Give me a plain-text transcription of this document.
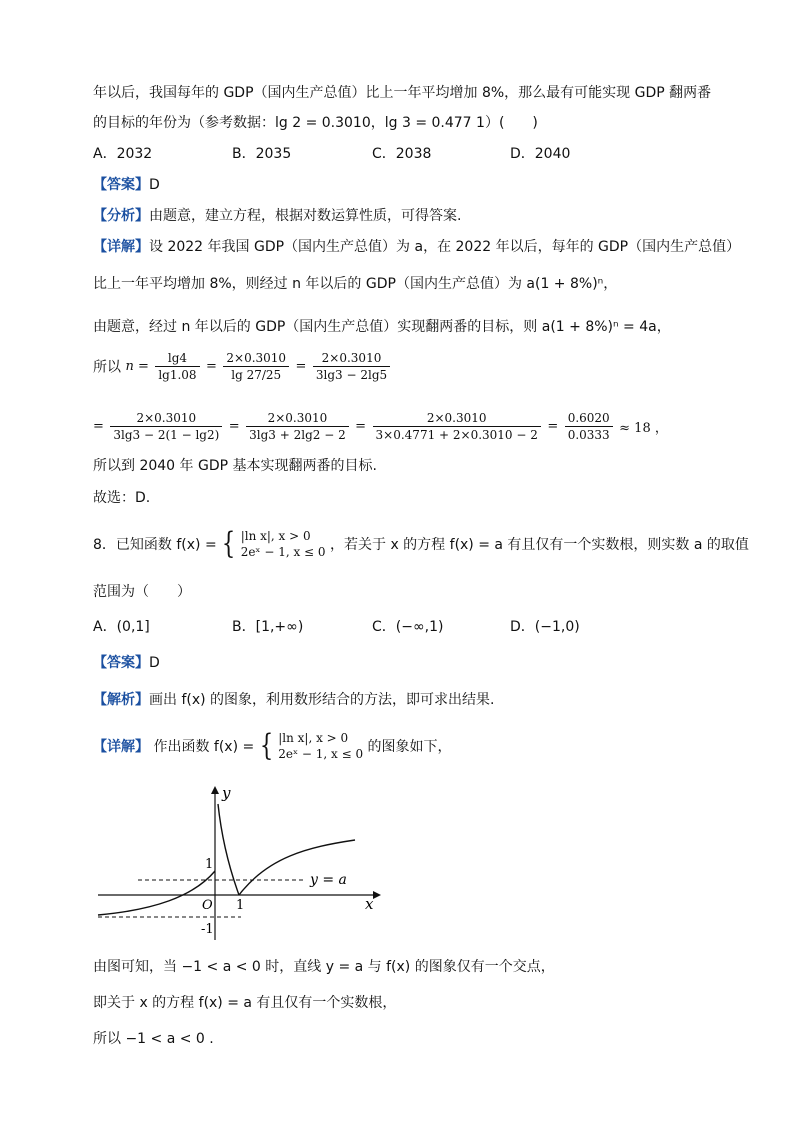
年以后，我国每年的 GDP（国内生产总值）比上一年平均增加 8%，那么最有可能实现 GDP 翻两番
的目标的年份为（参考数据：lg 2 = 0.3010，lg 3 = 0.477 1）(　　)
A．2032	B．2035	C．2038	D．2040
【答案】D
【分析】由题意，建立方程，根据对数运算性质，可得答案.
【详解】设 2022 年我国 GDP（国内生产总值）为 a，在 2022 年以后，每年的 GDP（国内生产总值）
比上一年平均增加 8%，则经过 n 年以后的 GDP（国内生产总值）为 a(1 + 8%)ⁿ，
由题意，经过 n 年以后的 GDP（国内生产总值）实现翻两番的目标，则 a(1 + 8%)ⁿ = 4a，
所以 $n = \frac{\lg 4}{\lg 1.08} = \frac{2\times 0.3010}{\lg 27/25} = \frac{2\times 0.3010}{3\lg 3 - 2\lg 5}$
= $\frac{2\times 0.3010}{3\lg 3 - 2(1 - \lg 2)} = \frac{2\times 0.3010}{3\lg 3 + 2\lg 2 - 2} = \frac{2\times 0.3010}{3\times 0.4771 + 2\times 0.3010 - 2} = \frac{0.6020}{0.0333} \approx 18$ ，
所以到 2040 年 GDP 基本实现翻两番的目标.
故选：D.
8．已知函数 f(x) = { |ln x|, x > 0
2eˣ − 1, x ≤ 0 ，若关于 x 的方程 f(x) = a 有且仅有一个实数根，则实数 a 的取值
范围为（　　）
A．(0,1]	B．[1,+∞)	C．(−∞,1)	D．(−1,0)
【答案】D
【解析】画出 f(x) 的图象，利用数形结合的方法，即可求出结果.
【详解】 作出函数 f(x) = { |ln x|, x > 0
2eˣ − 1, x ≤ 0 的图象如下，
y
x
O
1
1
-1
y = a
由图可知，当 −1 < a < 0 时，直线 y = a 与 f(x) 的图象仅有一个交点，
即关于 x 的方程 f(x) = a 有且仅有一个实数根，
所以 −1 < a < 0 .
